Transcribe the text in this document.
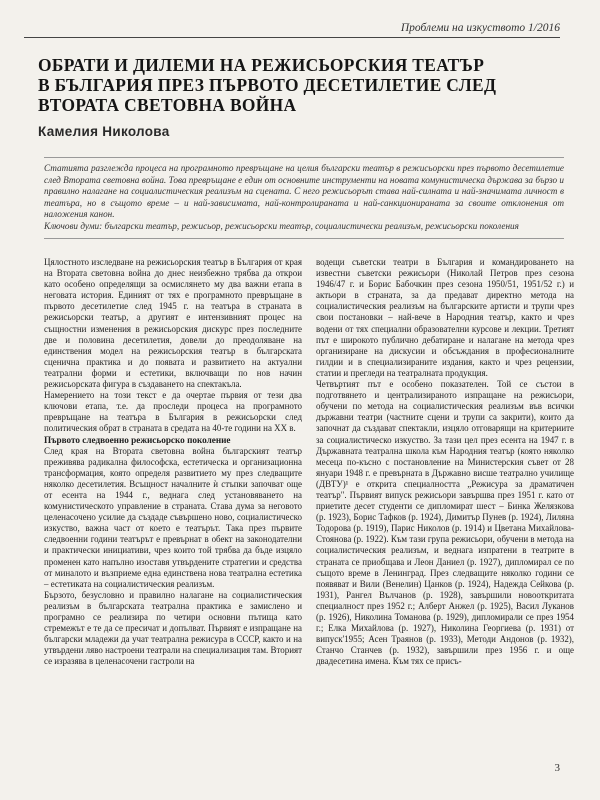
Проблеми на изкуството 1/2016
ОБРАТИ И ДИЛЕМИ НА РЕЖИСЬОРСКИЯ ТЕАТЪР
В БЪЛГАРИЯ ПРЕЗ ПЪРВОТО ДЕСЕТИЛЕТИЕ СЛЕД
ВТОРАТА СВЕТОВНА ВОЙНА
Камелия Николова

Статията разглежда процеса на програмното превръщане на целия български театър в режисьорски през първото десетилетие след Втората световна война. Това превръщане е един от основните инструменти на новата комунистическа държава за бързо и правилно налагане на социалистическия реализъм на сцената. С него режисьорът става най-силната и най-значимата личност в театъра, но в същото време – и най-зависимата, най-контролираната и най-санкционираната за своите отклонения от наложения канон.

Ключови думи: български театър, режисьор, режисьорски театър, социалистически реализъм, режисьорски поколения

Цялостното изследване на режисьорския театър в България от края на Втората световна война до днес неизбежно трябва да открои като особено определящи за осмислянето му два важни етапа в неговата история. Единият от тях е програмното превръщане в първото десетилетие след 1945 г. на театъра в страната в режисьорски театър, а другият е интензивният процес на същностни изменения в режисьорския дискурс през последните две и половина десетилетия, довели до преодоляване на единствения модел на режисьорския театър в българската сценична практика и до появата и развитието на актуални театрални форми и естетики, включващи по нов начин режисьорската фигура в създаването на спектакъла.

Намерението на този текст е да очертае първия от тези два ключови етапа, т.е. да проследи процеса на програмното превръщане на театъра в България в режисьорски след политическия обрат в страната в средата на 40-те години на XX в.

Първото следвоенно режисьорско поколение

След края на Втората световна война българският театър преживява радикална философска, естетическа и организационна трансформация, която определя развитието му през следващите няколко десетилетия. Всъщност началните ѝ стъпки започват още от есента на 1944 г., веднага след установяването на комунистическото управление в страната. Става дума за неговото целенасочено усилие да създаде съвършено ново, социалистическо изкуство, важна част от което е театърът. Така през първите следвоенни години театърът е превърнат в обект на законодателни и практически инициативи, чрез които той трябва да бъде изцяло променен като напълно изоставя утвърдените стратегии и средства от миналото и възприеме една единствена нова театрална естетика – естетиката на социалистическия реализъм.

Бързото, безусловно и правилно налагане на социалистическия реализъм в българската театрална практика е замислено и програмно се реализира по четири основни пътища като стремежът е те да се пресичат и допълват. Първият е изпращане на български младежи да учат театрална режисура в СССР, както и на утвърдени ляво настроени театрали на специализация там. Вторият се изразява в целенасочени гастроли на

водещи съветски театри в България и командироването на известни съветски режисьори (Николай Петров през сезона 1946/47 г. и Борис Бабочкин през сезона 1950/51, 1951/52 г.) и актьори в страната, за да предават директно метода на социалистическия реализъм на българските артисти и трупи чрез свои постановки – най-вече в Народния театър, както и чрез водени от тях специални образователни курсове и лекции. Третият път е широкото публично дебатиране и налагане на метода чрез организиране на дискусии и обсъждания в професионалните гилдии и в специализираните издания, както и чрез рецензии, статии и прегледи на театралната продукция.

Четвъртият път е особено показателен. Той се състои в подготвянето и централизираното изпращане на режисьори, обучени по метода на социалистическия реализъм във всички държавни театри (частните сцени и трупи са закрити), които да започнат да създават спектакли, изцяло отговарящи на критериите за социалистическо изкуство. За тази цел през есента на 1947 г. в Държавната театрална школа към Народния театър (която няколко месеца по-късно с постановление на Министерския съвет от 28 януари 1948 г. е превърната в Държавно висше театрално училище (ДВТУ)¹ е открита специалността „Режисура за драматичен театър". Първият випуск режисьори завършва през 1951 г. като от приетите десет студенти се дипломират шест – Бинка Желязкова (р. 1923), Борис Тафков (р. 1924), Димитър Пунев (р. 1924), Лиляна Тодорова (р. 1919), Парис Николов (р. 1914) и Цветана Михайлова-Стоянова (р. 1922). Към тази група режисьори, обучени в метода на социалистическия реализъм, и веднага изпратени в театрите в страната се приобщава и Леон Даниел (р. 1927), дипломирал се по същото време в Ленинград. През следващите няколко години се появяват и Вили (Венелин) Цанков (р. 1924), Надежда Сейкова (р. 1931), Рангел Вълчанов (р. 1928), завършили новооткритата специалност през 1952 г.; Алберт Анжел (р. 1925), Васил Луканов (р. 1926), Николина Томанова (р. 1929), дипломирали се през 1954 г.; Елка Михайлова (р. 1927), Николина Георгиева (р. 1931) от випуск'1955; Асен Траянов (р. 1933), Методи Андонов (р. 1932), Станчо Станчев (р. 1932), завършили през 1956 г. и още двадесетина имена. Към тях се присъ-

3
